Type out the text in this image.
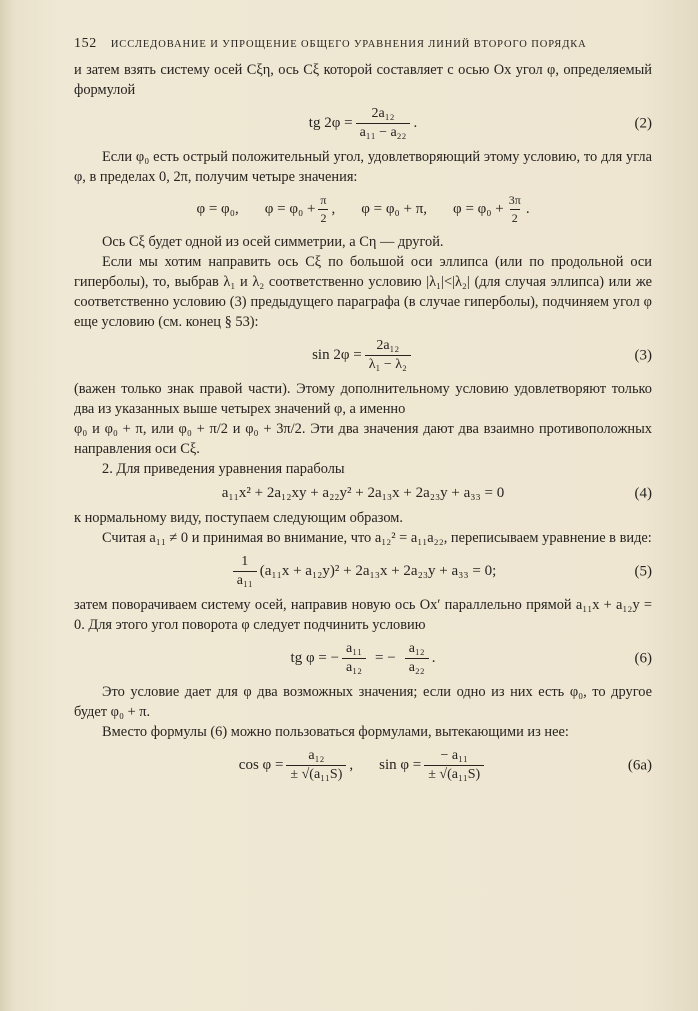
152 ИССЛЕДОВАНИЕ И УПРОЩЕНИЕ ОБЩЕГО УРАВНЕНИЯ ЛИНИЙ ВТОРОГО ПОРЯДКА

и затем взять систему осей Cξη, ось Cξ которой составляет с осью Ox угол φ, определяемый формулой

tg $2\varphi = \frac{\text{2a₁₂}}{\text{a₁₁ − a₂₂}}$ .	(2)

Если φ₀ есть острый положительный угол, удовлетворяющий этому условию, то для угла φ, в пределах 0, 2π, получим четыре значения:

φ = φ₀, $\varphi = \varphi_0 + \frac{\pi}{2}$ , φ = φ₀ + π, $\varphi = \varphi_0 + \frac{3\pi}{2}$ .

Ось Cξ будет одной из осей симметрии, а Cη — другой.

Если мы хотим направить ось Cξ по большой оси эллипса (или по продольной оси гиперболы), то, выбрав λ₁ и λ₂ соответственно условию |λ₁|<|λ₂| (для случая эллипса) или же соответственно условию (3) предыдущего параграфа (в случае гиперболы), подчиняем угол φ еще условию (см. конец § 53):

$\sin 2\varphi = \frac{\text{2a₁₂}}{\text{λ₁ − λ₂}}$	(3)

(важен только знак правой части). Этому дополнительному условию удовлетворяют только два из указанных выше четырех значений φ, а именно

φ₀ и φ₀ + π, или φ₀ + π/2 и φ₀ + 3π/2. Эти два значения дают два взаимно противоположных направления оси Cξ.

2. Для приведения уравнения параболы

a₁₁x² + 2a₁₂xy + a₂₂y² + 2a₁₃x + 2a₂₃y + a₃₃ = 0	(4)

к нормальному виду, поступаем следующим образом.

Считая a₁₁ ≠ 0 и принимая во внимание, что a₁₂² = a₁₁a₂₂, переписываем уравнение в виде:

$\frac{1}{\text{a₁₁}} (a_{11}x + a_{12}y)^2 + 2a_{13}x + 2a_{23}y + a_{33} = 0$;	(5)

затем поворачиваем систему осей, направив новую ось Ox′ параллельно прямой a₁₁x + a₁₂y = 0. Для этого угол поворота φ следует подчинить условию

tg φ = − $\frac{\text{a₁₁}}{\text{a₁₂}}$ = − $\frac{\text{a₁₂}}{\text{a₂₂}}$ .	(6)

Это условие дает для φ два возможных значения; если одно из них есть φ₀, то другое будет φ₀ + π.

Вместо формулы (6) можно пользоваться формулами, вытекающими из нее:

$\cos \varphi = \frac{\text{a₁₂}}{\text{± √(a₁₁S)}}$ , $\sin \varphi = \frac{\text{− a₁₁}}{\text{± √(a₁₁S)}}$	(6a)
